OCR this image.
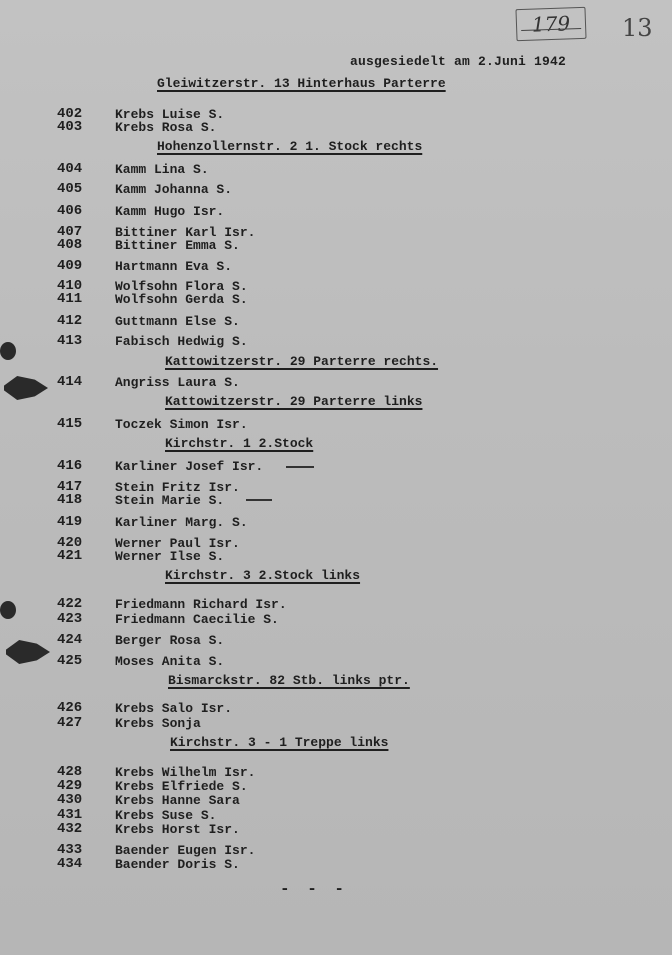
179	13
ausgesiedelt am 2.Juni 1942
Gleiwitzerstr. 13 Hinterhaus Parterre
Hohenzollernstr. 2 1. Stock rechts
Kattowitzerstr. 29 Parterre rechts.
Kattowitzerstr. 29 Parterre links
Kirchstr. 1 2.Stock
Kirchstr. 3 2.Stock links
Bismarckstr. 82 Stb. links ptr.
Kirchstr. 3 - 1 Treppe links
402	Krebs Luise S.
403	Krebs Rosa S.
404	Kamm Lina S.
405	Kamm Johanna S.
406	Kamm Hugo Isr.
407	Bittiner Karl Isr.
408	Bittiner Emma S.
409	Hartmann Eva S.
410	Wolfsohn Flora S.
411	Wolfsohn Gerda S.
412	Guttmann Else S.
413	Fabisch Hedwig S.
414	Angriss Laura S.
415	Toczek Simon Isr.
416	Karliner Josef Isr.
417	Stein Fritz Isr.
418	Stein Marie S.
419	Karliner Marg. S.
420	Werner Paul Isr.
421	Werner Ilse S.
422	Friedmann Richard Isr.
423	Friedmann Caecilie S.
424	Berger Rosa S.
425	Moses Anita S.
426	Krebs Salo Isr.
427	Krebs Sonja
428	Krebs Wilhelm Isr.
429	Krebs Elfriede S.
430	Krebs Hanne Sara
431	Krebs Suse S.
432	Krebs Horst Isr.
433	Baender Eugen Isr.
434	Baender Doris S.
- - -
